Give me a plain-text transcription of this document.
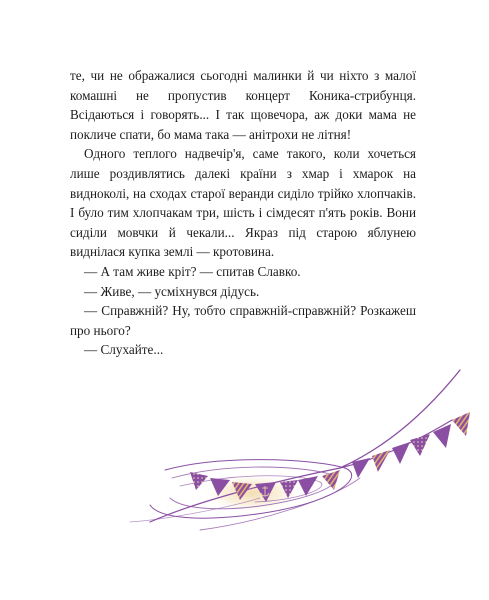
те, чи не ображалися сьогодні малинки й чи ніхто з малої комашні не пропустив концерт Коника-стрибунця. Всідаються і говорять... І так щовечора, аж доки мама не покличе спати, бо мама така — анітрохи не літня!

Одного теплого надвечір'я, саме такого, коли хочеться лише роздивлятись далекі країни з хмар і хмарок на видноколі, на сходах старої веранди сиділо трійко хлопчаків. І було тим хлопчакам три, шість і сімдесят п'ять років. Вони сиділи мовчки й чекали... Якраз під старою яблунею виднілася купка землі — кротовина.

— А там живе кріт? — спитав Славко.

— Живе, — усміхнувся дідусь.

— Справжній? Ну, тобто справжній-справжній? Розкажеш про нього?

— Слухайте...
